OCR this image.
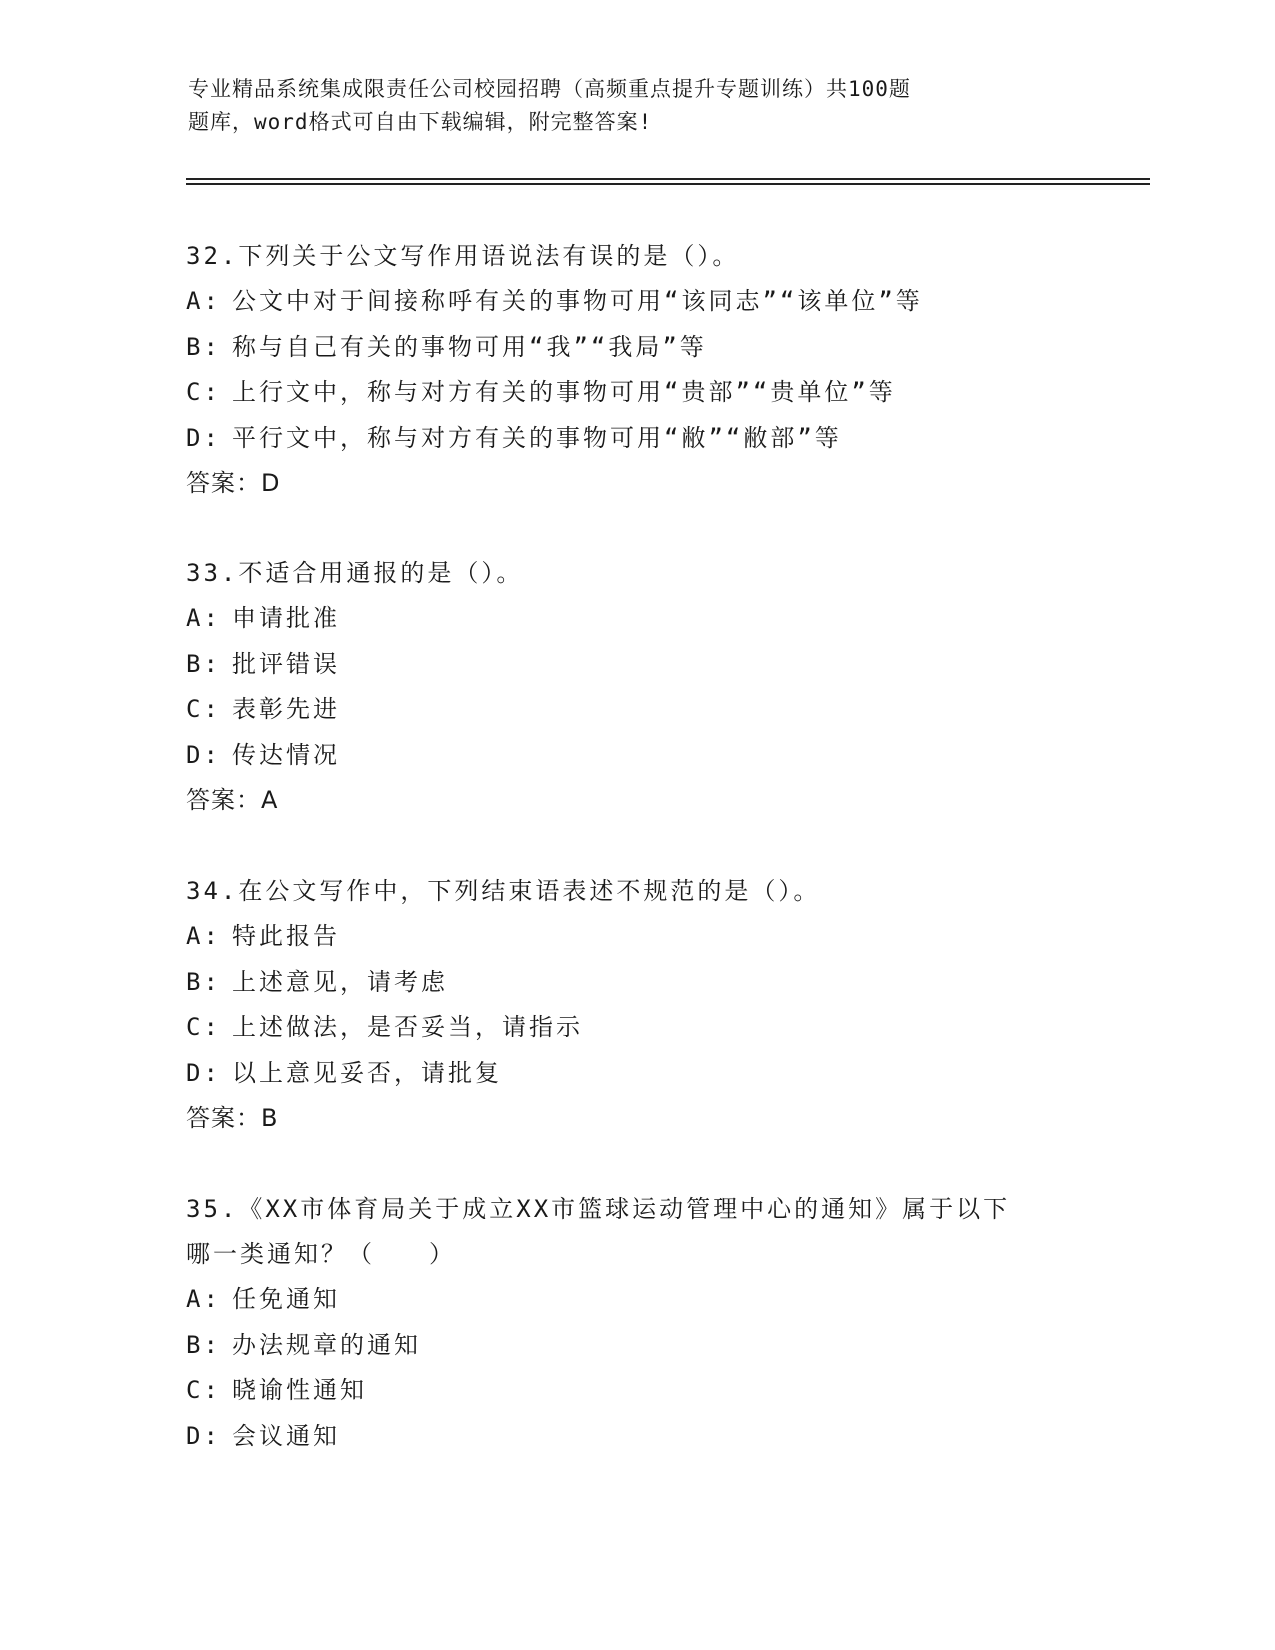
专业精品系统集成限责任公司校园招聘（高频重点提升专题训练）共100题
题库，word格式可自由下载编辑，附完整答案!
32.下列关于公文写作用语说法有误的是（）。
A: 公文中对于间接称呼有关的事物可用“该同志”“该单位”等
B: 称与自己有关的事物可用“我”“我局”等
C: 上行文中，称与对方有关的事物可用“贵部”“贵单位”等
D: 平行文中，称与对方有关的事物可用“敝”“敝部”等
答案：D
33.不适合用通报的是（）。
A: 申请批准
B: 批评错误
C: 表彰先进
D: 传达情况
答案：A
34.在公文写作中，下列结束语表述不规范的是（）。
A: 特此报告
B: 上述意见，请考虑
C: 上述做法，是否妥当，请指示
D: 以上意见妥否，请批复
答案：B
35.《XX市体育局关于成立XX市篮球运动管理中心的通知》属于以下
哪一类通知？（　　）
A: 任免通知
B: 办法规章的通知
C: 晓谕性通知
D: 会议通知
